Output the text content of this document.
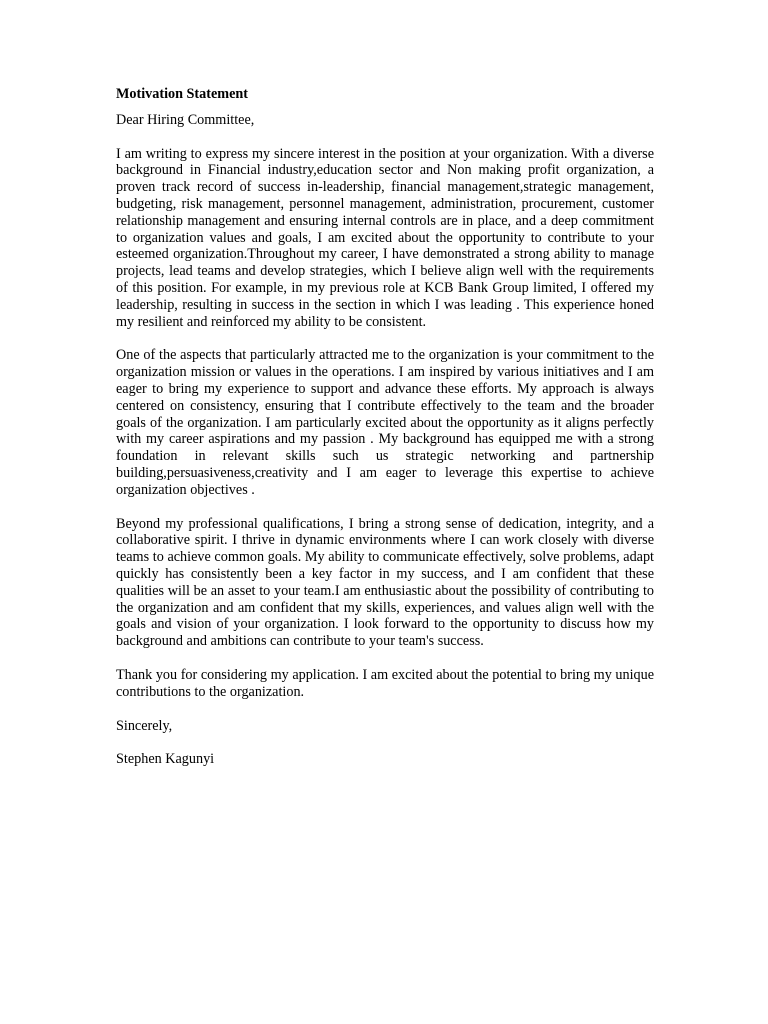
Motivation Statement
Dear Hiring Committee,

I am writing to express my sincere interest in the position at your organization. With a diverse background in Financial industry,education sector and Non making profit organization, a proven track record of success in-leadership, financial management,strategic management, budgeting, risk management, personnel management, administration, procurement, customer relationship management and ensuring internal controls are in place, and a deep commitment to organization values and goals, I am excited about the opportunity to contribute to your esteemed organization.Throughout my career, I have demonstrated a strong ability to manage projects, lead teams and develop strategies, which I believe align well with the requirements of this position. For example, in my previous role at KCB Bank Group limited, I offered my leadership, resulting in success in the section in which I was leading . This experience honed my resilient and reinforced my ability to be consistent.

One of the aspects that particularly attracted me to the organization is your commitment to the organization mission or values in the operations. I am inspired by various initiatives and I am eager to bring my experience to support and advance these efforts. My approach is always centered on consistency, ensuring that I contribute effectively to the team and the broader goals of the organization. I am particularly excited about the opportunity as it aligns perfectly with my career aspirations and my passion . My background has equipped me with a strong foundation in relevant skills such us strategic networking and partnership building,persuasiveness,creativity and I am eager to leverage this expertise to achieve organization objectives .

Beyond my professional qualifications, I bring a strong sense of dedication, integrity, and a collaborative spirit. I thrive in dynamic environments where I can work closely with diverse teams to achieve common goals. My ability to communicate effectively, solve problems, adapt quickly has consistently been a key factor in my success, and I am confident that these qualities will be an asset to your team.I am enthusiastic about the possibility of contributing to the organization and am confident that my skills, experiences, and values align well with the goals and vision of your organization. I look forward to the opportunity to discuss how my background and ambitions can contribute to your team's success.

Thank you for considering my application. I am excited about the potential to bring my unique contributions to the organization.

Sincerely,
Stephen Kagunyi
